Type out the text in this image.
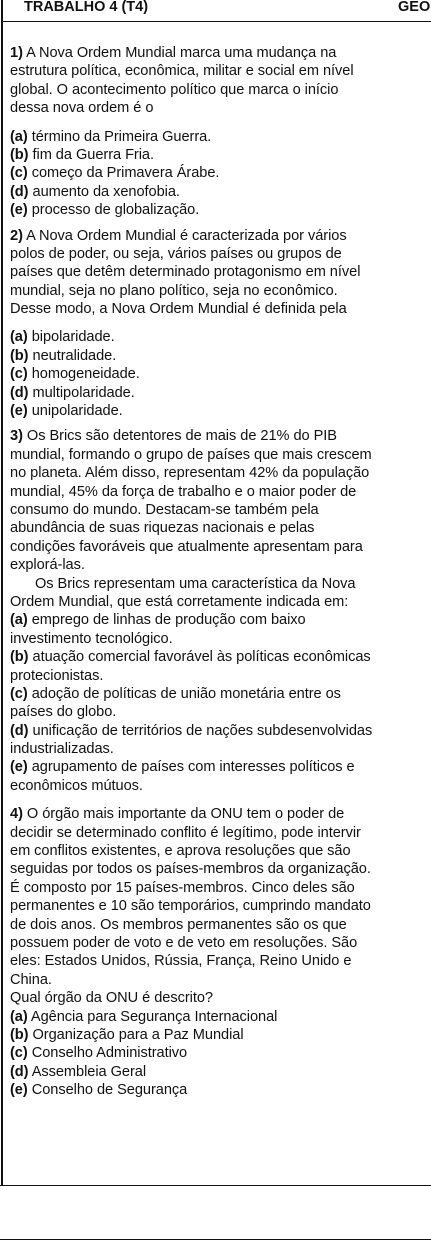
TRABALHO 4 (T4)	GEO
1) A Nova Ordem Mundial marca uma mudança na
estrutura política, econômica, militar e social em nível
global. O acontecimento político que marca o início
dessa nova ordem é o
(a) término da Primeira Guerra.
(b) fim da Guerra Fria.
(c) começo da Primavera Árabe.
(d) aumento da xenofobia.
(e) processo de globalização.
2) A Nova Ordem Mundial é caracterizada por vários
polos de poder, ou seja, vários países ou grupos de
países que detêm determinado protagonismo em nível
mundial, seja no plano político, seja no econômico.
Desse modo, a Nova Ordem Mundial é definida pela
(a) bipolaridade.
(b) neutralidade.
(c) homogeneidade.
(d) multipolaridade.
(e) unipolaridade.
3) Os Brics são detentores de mais de 21% do PIB
mundial, formando o grupo de países que mais crescem
no planeta. Além disso, representam 42% da população
mundial, 45% da força de trabalho e o maior poder de
consumo do mundo. Destacam-se também pela
abundância de suas riquezas nacionais e pelas
condições favoráveis que atualmente apresentam para
explorá-las.
Os Brics representam uma característica da Nova
Ordem Mundial, que está corretamente indicada em:
(a) emprego de linhas de produção com baixo
investimento tecnológico.
(b) atuação comercial favorável às políticas econômicas
protecionistas.
(c) adoção de políticas de união monetária entre os
países do globo.
(d) unificação de territórios de nações subdesenvolvidas
industrializadas.
(e) agrupamento de países com interesses políticos e
econômicos mútuos.
4) O órgão mais importante da ONU tem o poder de
decidir se determinado conflito é legítimo, pode intervir
em conflitos existentes, e aprova resoluções que são
seguidas por todos os países-membros da organização.
É composto por 15 países-membros. Cinco deles são
permanentes e 10 são temporários, cumprindo mandato
de dois anos. Os membros permanentes são os que
possuem poder de voto e de veto em resoluções. São
eles: Estados Unidos, Rússia, França, Reino Unido e
China.
Qual órgão da ONU é descrito?
(a) Agência para Segurança Internacional
(b) Organização para a Paz Mundial
(c) Conselho Administrativo
(d) Assembleia Geral
(e) Conselho de Segurança
